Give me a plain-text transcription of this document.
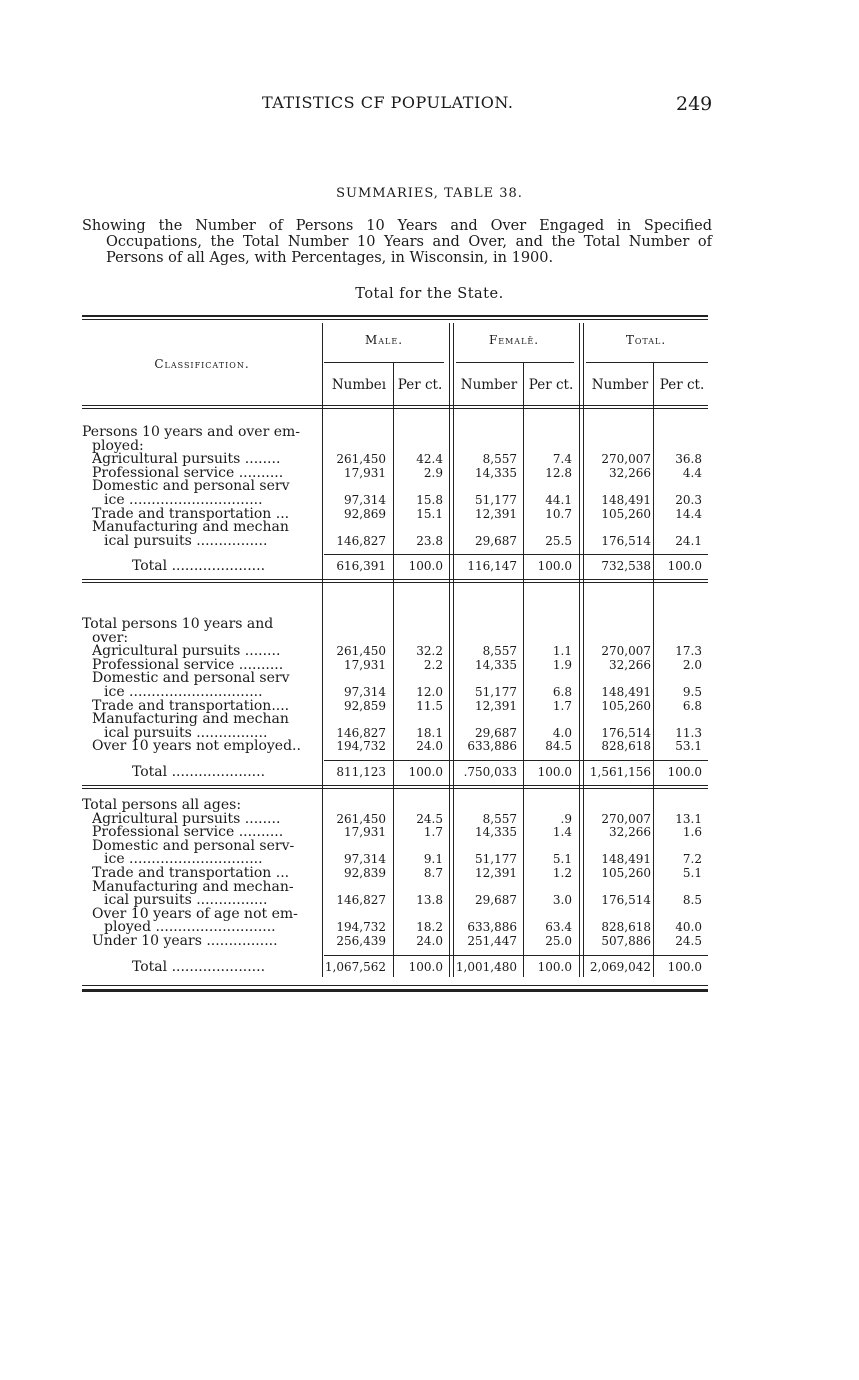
TATISTICS CF POPULATION.	249
SUMMARIES, TABLE 38.
Showing the Number of Persons 10 Years and Over Engaged in Specified Occupations, the Total Number 10 Years and Over, and the Total Number of Persons of all Ages, with Percentages, in Wisconsin, in 1900.
Total for the State.
Classification.
Male.	Femalē.	Total.
Numbeı Per ct.	Number Per ct.	Number Per ct.
Persons 10 years and over em-
ployed:
Agricultural pursuits ........	261,450	42.4	8,557	7.4	270,007	36.8
Professional service ..........	17,931	2.9	14,335	12.8	32,266	4.4
Domestic and personal serv
ice ..............................	97,314	15.8	51,177	44.1	148,491	20.3
Trade and transportation ...	92,869	15.1	12,391	10.7	105,260	14.4
Manufacturing and mechan
ical pursuits ................	146,827	23.8	29,687	25.5	176,514	24.1
Total .....................	616,391	100.0	116,147	100.0	732,538	100.0
Total persons 10 years and
over:
Agricultural pursuits ........	261,450	32.2	8,557	1.1	270,007	17.3
Professional service ..........	17,931	2.2	14,335	1.9	32,266	2.0
Domestic and personal serv
ice ..............................	97,314	12.0	51,177	6.8	148,491	9.5
Trade and transportation....	92,859	11.5	12,391	1.7	105,260	6.8
Manufacturing and mechan
ical pursuits ................	146,827	18.1	29,687	4.0	176,514	11.3
Over 10 years not employed..	194,732	24.0	633,886	84.5	828,618	53.1
Total .....................	811,123	100.0	.750,033	100.0	1,561,156	100.0
Total persons all ages:
Agricultural pursuits ........	261,450	24.5	8,557	.9	270,007	13.1
Professional service ..........	17,931	1.7	14,335	1.4	32,266	1.6
Domestic and personal serv-
ice ..............................	97,314	9.1	51,177	5.1	148,491	7.2
Trade and transportation ...	92,839	8.7	12,391	1.2	105,260	5.1
Manufacturing and mechan-
ical pursuits ................	146,827	13.8	29,687	3.0	176,514	8.5
Over 10 years of age not em-
ployed ...........................	194,732	18.2	633,886	63.4	828,618	40.0
Under 10 years ................	256,439	24.0	251,447	25.0	507,886	24.5
Total .....................	1,067,562	100.0 1,001,480	100.0	2,069,042	100.0
